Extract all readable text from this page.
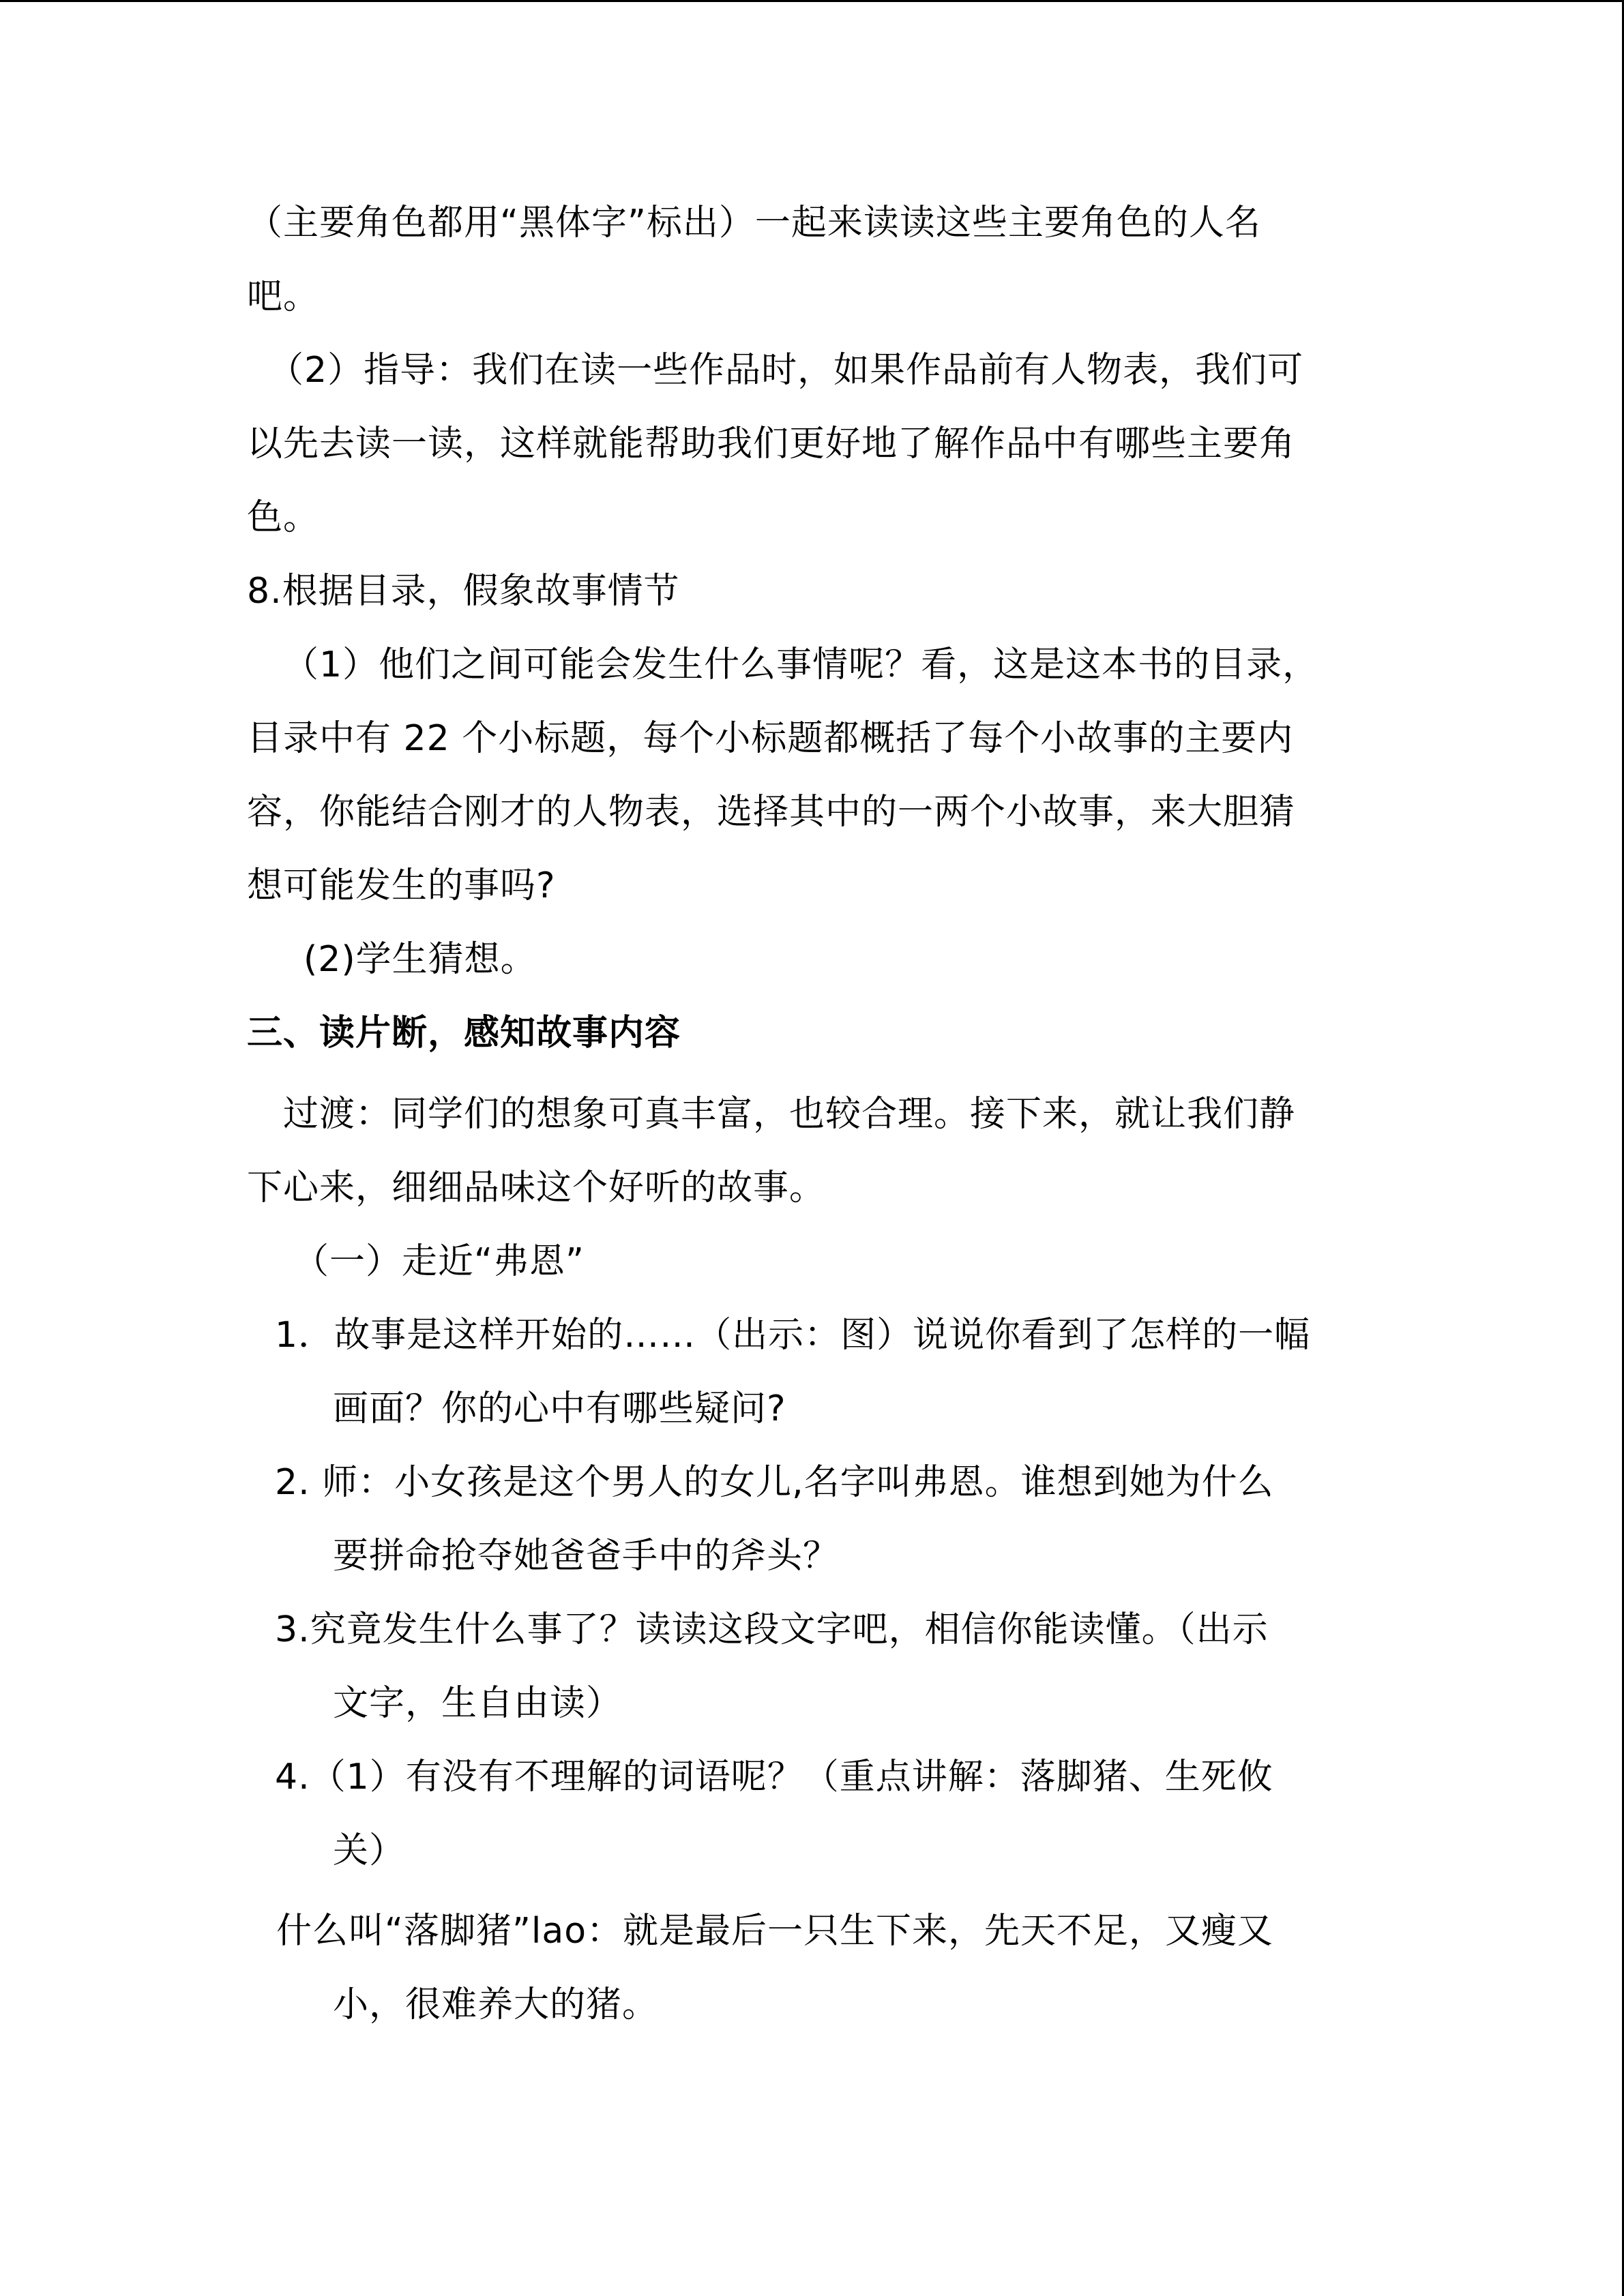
（主要角色都用“黑体字”标出）一起来读读这些主要角色的人名
吧。
（2）指导：我们在读一些作品时，如果作品前有人物表，我们可
以先去读一读，这样就能帮助我们更好地了解作品中有哪些主要角
色。
8.根据目录，假象故事情节
（1）他们之间可能会发生什么事情呢？看，这是这本书的目录，
目录中有 22 个小标题，每个小标题都概括了每个小故事的主要内
容，你能结合刚才的人物表，选择其中的一两个小故事，来大胆猜
想可能发生的事吗?
(2)学生猜想。
三、读片断，感知故事内容
过渡：同学们的想象可真丰富，也较合理。接下来，就让我们静
下心来，细细品味这个好听的故事。
（一）走近“弗恩”
1．故事是这样开始的……（出示：图）说说你看到了怎样的一幅
画面？你的心中有哪些疑问?
2. 师：小女孩是这个男人的女儿,名字叫弗恩。谁想到她为什么
要拼命抢夺她爸爸手中的斧头？
3.究竟发生什么事了？读读这段文字吧，相信你能读懂。（出示
文字，生自由读）
4.（1）有没有不理解的词语呢？（重点讲解：落脚猪、生死攸
关）
什么叫“落脚猪”lao：就是最后一只生下来，先天不足，又瘦又
小，很难养大的猪。
